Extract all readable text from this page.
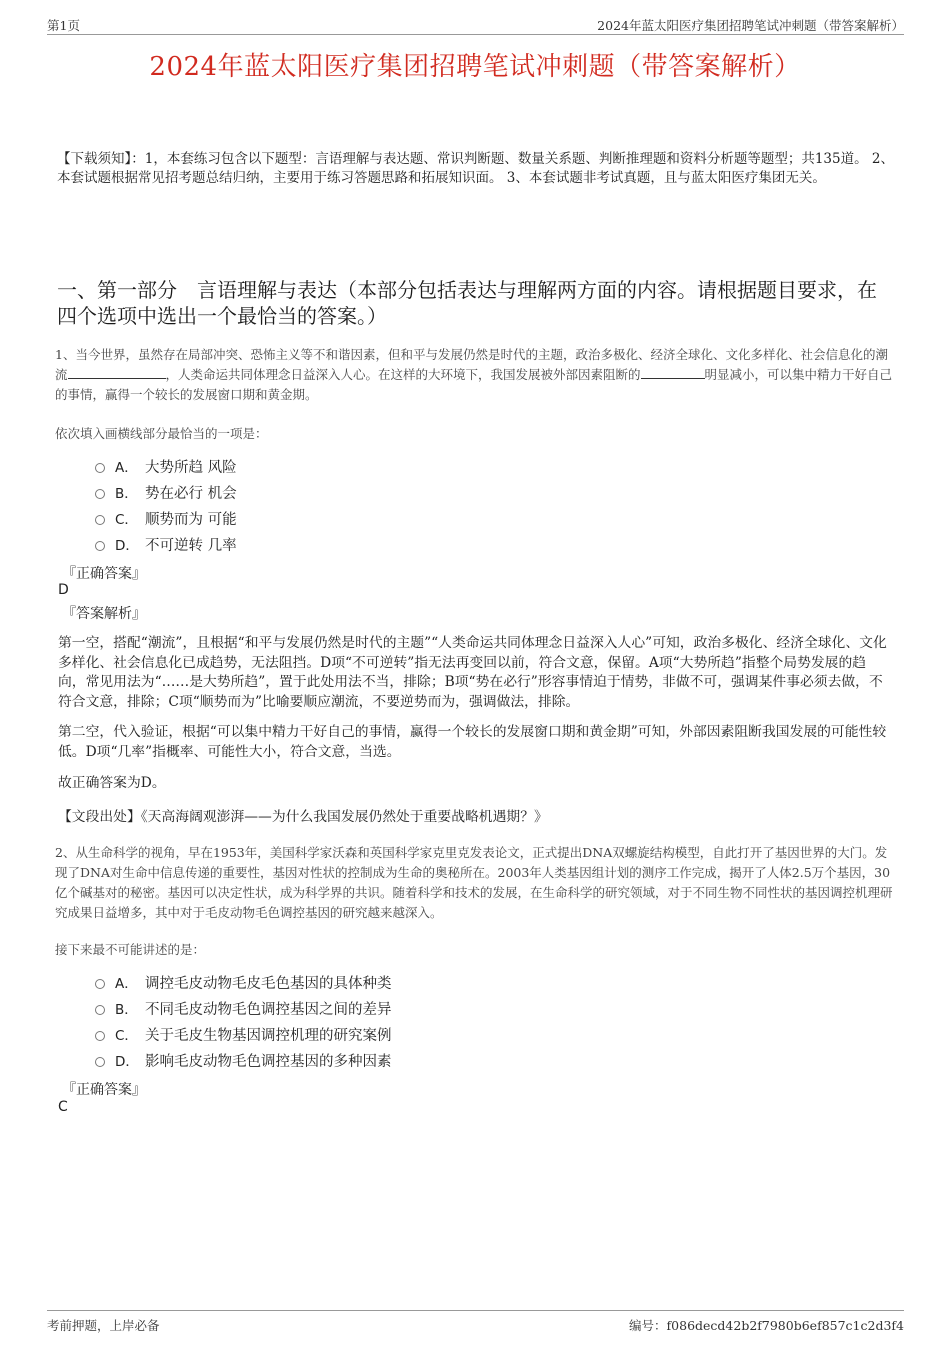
第1页	2024年蓝太阳医疗集团招聘笔试冲刺题（带答案解析）
2024年蓝太阳医疗集团招聘笔试冲刺题（带答案解析）
【下载须知】：1，本套练习包含以下题型：言语理解与表达题、常识判断题、数量关系题、判断推理题和资料分析题等题型；共135道。 2、本套试题根据常见招考题总结归纳，主要用于练习答题思路和拓展知识面。 3、本套试题非考试真题，且与蓝太阳医疗集团无关。
一、第一部分　言语理解与表达（本部分包括表达与理解两方面的内容。请根据题目要求，在四个选项中选出一个最恰当的答案。）
1、当今世界，虽然存在局部冲突、恐怖主义等不和谐因素，但和平与发展仍然是时代的主题，政治多极化、经济全球化、文化多样化、社会信息化的潮流	，人类命运共同体理念日益深入人心。在这样的大环境下，我国发展被外部因素阻断的	明显减小，可以集中精力干好自己的事情，赢得一个较长的发展窗口期和黄金期。
依次填入画横线部分最恰当的一项是：
A． 大势所趋 风险
B． 势在必行 机会
C． 顺势而为 可能
D． 不可逆转 几率
『正确答案』
D
『答案解析』
第一空，搭配“潮流”，且根据“和平与发展仍然是时代的主题”“人类命运共同体理念日益深入人心”可知，政治多极化、经济全球化、文化多样化、社会信息化已成趋势，无法阻挡。D项“不可逆转”指无法再变回以前，符合文意，保留。A项“大势所趋”指整个局势发展的趋向，常见用法为“……是大势所趋”，置于此处用法不当，排除；B项“势在必行”形容事情迫于情势，非做不可，强调某件事必须去做，不符合文意，排除；C项“顺势而为”比喻要顺应潮流，不要逆势而为，强调做法，排除。
第二空，代入验证，根据“可以集中精力干好自己的事情，赢得一个较长的发展窗口期和黄金期”可知，外部因素阻断我国发展的可能性较低。D项“几率”指概率、可能性大小，符合文意，当选。
故正确答案为D。
【文段出处】《天高海阔观澎湃——为什么我国发展仍然处于重要战略机遇期？》
2、从生命科学的视角，早在1953年，美国科学家沃森和英国科学家克里克发表论文，正式提出DNA双螺旋结构模型，自此打开了基因世界的大门。发现了DNA对生命中信息传递的重要性，基因对性状的控制成为生命的奥秘所在。2003年人类基因组计划的测序工作完成，揭开了人体2.5万个基因，30亿个碱基对的秘密。基因可以决定性状，成为科学界的共识。随着科学和技术的发展，在生命科学的研究领域，对于不同生物不同性状的基因调控机理研究成果日益增多，其中对于毛皮动物毛色调控基因的研究越来越深入。
接下来最不可能讲述的是：
A． 调控毛皮动物毛皮毛色基因的具体种类
B． 不同毛皮动物毛色调控基因之间的差异
C． 关于毛皮生物基因调控机理的研究案例
D． 影响毛皮动物毛色调控基因的多种因素
『正确答案』
C
考前押题，上岸必备	编号：f086decd42b2f7980b6ef857c1c2d3f4
